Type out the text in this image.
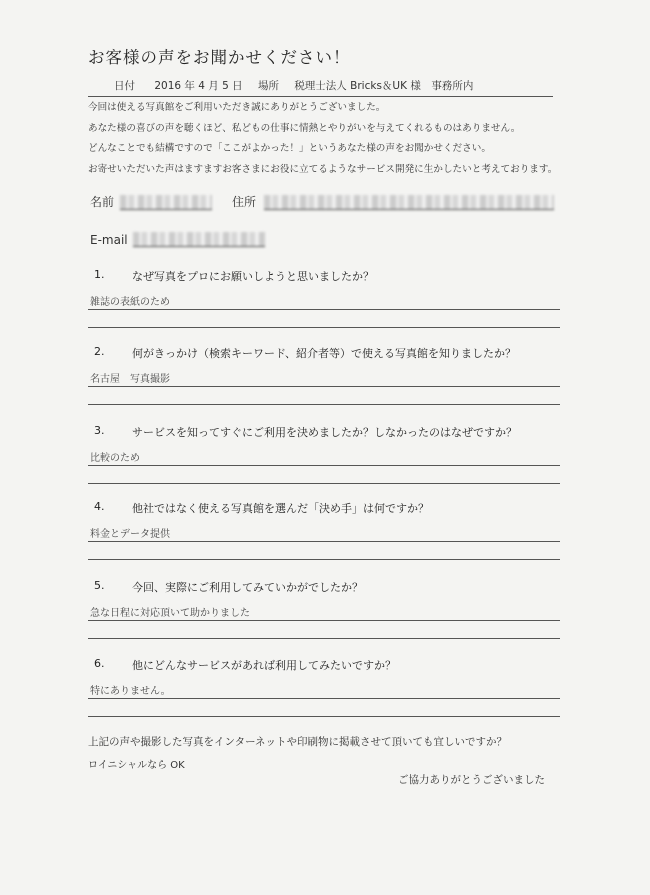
お客様の声をお聞かせください！
日付 2016 年 4 月 5 日 場所 税理士法人 Bricks＆UK 様　事務所内
今回は使える写真館をご利用いただき誠にありがとうございました。
あなた様の喜びの声を聴くほど、私どもの仕事に情熱とやりがいを与えてくれるものはありません。
どんなことでも結構ですので「ここがよかった！」というあなた様の声をお聞かせください。
お寄せいただいた声はますますお客さまにお役に立てるようなサービス開発に生かしたいと考えております。
名前	住所
E-mail
1.	なぜ写真をプロにお願いしようと思いましたか？
雑誌の表紙のため
2.	何がきっかけ（検索キーワード、紹介者等）で使える写真館を知りましたか？
名古屋　写真撮影
3.	サービスを知ってすぐにご利用を決めましたか？しなかったのはなぜですか？
比較のため
4.	他社ではなく使える写真館を選んだ「決め手」は何ですか？
料金とデータ提供
5.	今回、実際にご利用してみていかがでしたか？
急な日程に対応頂いて助かりました
6.	他にどんなサービスがあれば利用してみたいですか？
特にありません。
上記の声や撮影した写真をインターネットや印刷物に掲載させて頂いても宜しいですか？
ロイニシャルなら OK
ご協力ありがとうございました
